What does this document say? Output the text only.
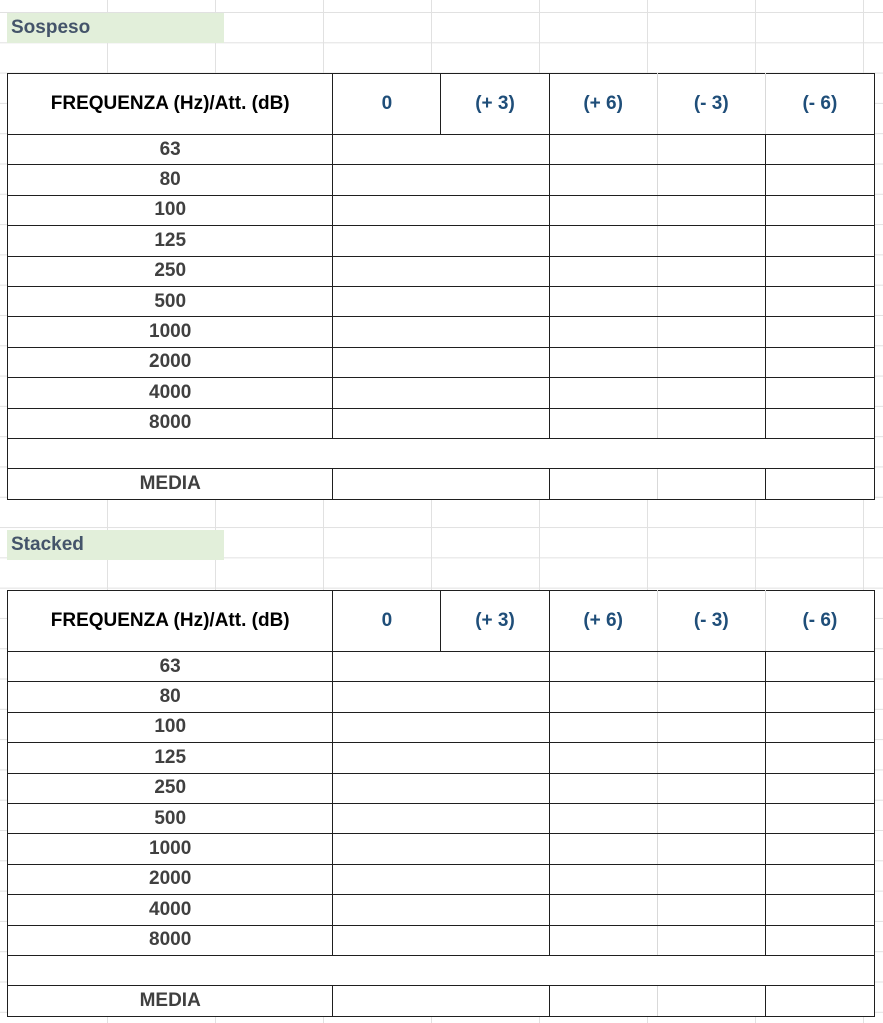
Sospeso
FREQUENZA (Hz)/Att. (dB)	0	(+ 3)	(+ 6)	(- 3)	(- 6)
63					
80					
100					
125					
250					
500					
1000					
2000					
4000					
8000					

MEDIA					
Stacked
FREQUENZA (Hz)/Att. (dB)	0	(+ 3)	(+ 6)	(- 3)	(- 6)
63					
80					
100					
125					
250					
500					
1000					
2000					
4000					
8000					

MEDIA					
